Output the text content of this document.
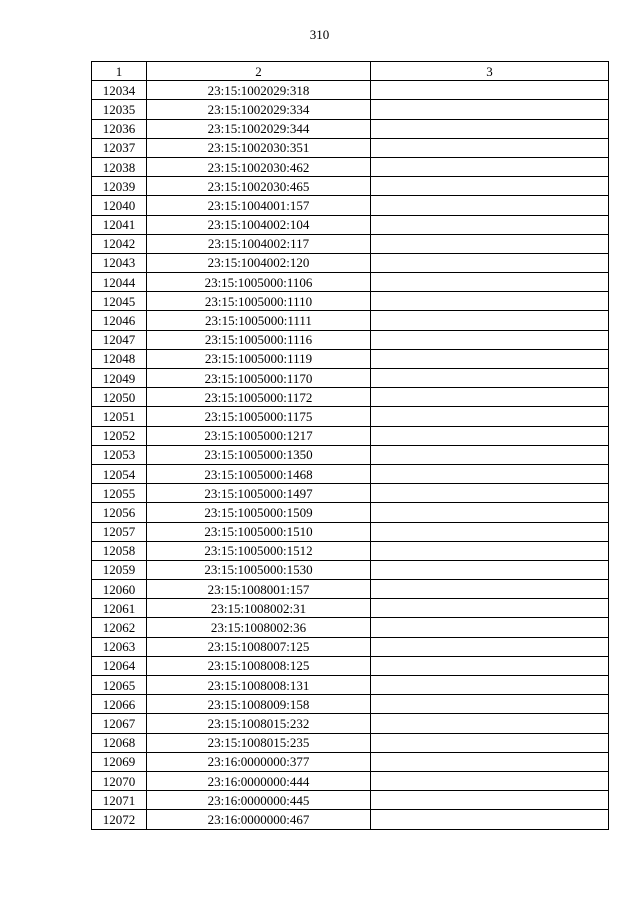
310
1	2	3
12034	23:15:1002029:318	
12035	23:15:1002029:334	
12036	23:15:1002029:344	
12037	23:15:1002030:351	
12038	23:15:1002030:462	
12039	23:15:1002030:465	
12040	23:15:1004001:157	
12041	23:15:1004002:104	
12042	23:15:1004002:117	
12043	23:15:1004002:120	
12044	23:15:1005000:1106	
12045	23:15:1005000:1110	
12046	23:15:1005000:1111	
12047	23:15:1005000:1116	
12048	23:15:1005000:1119	
12049	23:15:1005000:1170	
12050	23:15:1005000:1172	
12051	23:15:1005000:1175	
12052	23:15:1005000:1217	
12053	23:15:1005000:1350	
12054	23:15:1005000:1468	
12055	23:15:1005000:1497	
12056	23:15:1005000:1509	
12057	23:15:1005000:1510	
12058	23:15:1005000:1512	
12059	23:15:1005000:1530	
12060	23:15:1008001:157	
12061	23:15:1008002:31	
12062	23:15:1008002:36	
12063	23:15:1008007:125	
12064	23:15:1008008:125	
12065	23:15:1008008:131	
12066	23:15:1008009:158	
12067	23:15:1008015:232	
12068	23:15:1008015:235	
12069	23:16:0000000:377	
12070	23:16:0000000:444	
12071	23:16:0000000:445	
12072	23:16:0000000:467	
